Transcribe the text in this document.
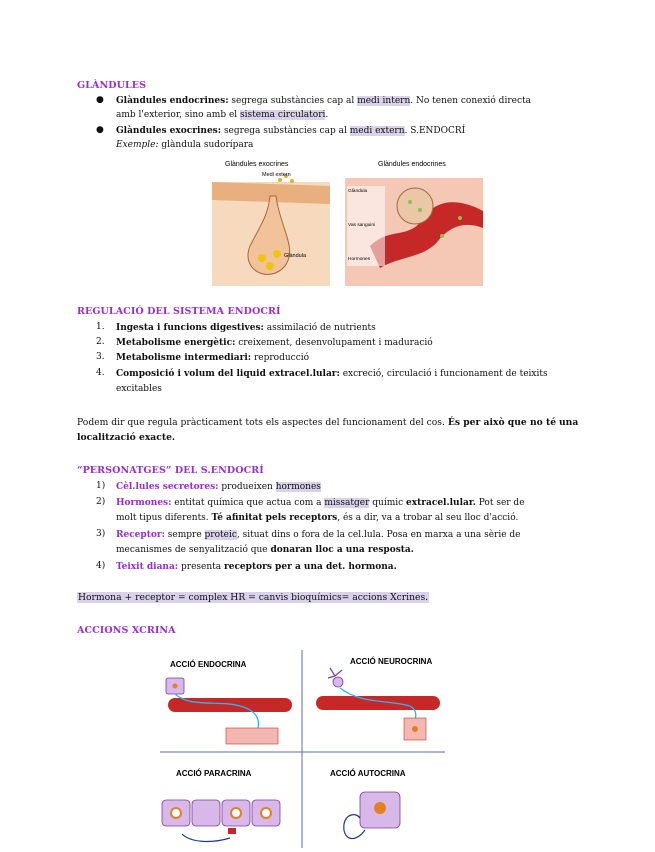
GLÀNDULES
● Glàndules endocrines: segrega substàncies cap al medi intern. No tenen conexió directa
amb l'exterior, sino amb el sistema circulatori.
● Glàndules exocrines: segrega substàncies cap al medi extern. S.ENDOCRÍ
Exemple: glàndula sudorípara
Glàndules exocrines	Glàndules endocrines
Medi extern
Glàndula
Glàndula
Vas sanguini
Hormones
REGULACIÓ DEL SISTEMA ENDOCRÍ
1. Ingesta i funcions digestives: assimilació de nutrients
2. Metabolisme energètic: creixement, desenvolupament i maduració
3. Metabolisme intermediari: reproducció
4. Composició i volum del liquid extracel.lular: excreció, circulació i funcionament de teixits
excitables
Podem dir que regula pràcticament tots els aspectes del funcionament del cos. És per això que no té una localització exacte.
“PERSONATGES” DEL S.ENDOCRÍ
1) Cèl.lules secretores: produeixen hormones
2) Hormones: entitat química que actua com a missatger químic extracel.lular. Pot ser de
molt tipus diferents. Té afinitat pels receptors, és a dir, va a trobar al seu lloc d'acció.
3) Receptor: sempre proteic, situat dins o fora de la cel.lula. Posa en marxa a una sèrie de
mecanismes de senyalització que donaran lloc a una resposta.
4) Teixit diana: presenta receptors per a una det. hormona.
Hormona + receptor = complex HR = canvis bioquímics= accions Xcrines.
ACCIONS XCRINA
ACCIÓ ENDOCRINA	ACCIÓ NEUROCRINA
ACCIÓ PARACRINA	ACCIÓ AUTOCRINA
